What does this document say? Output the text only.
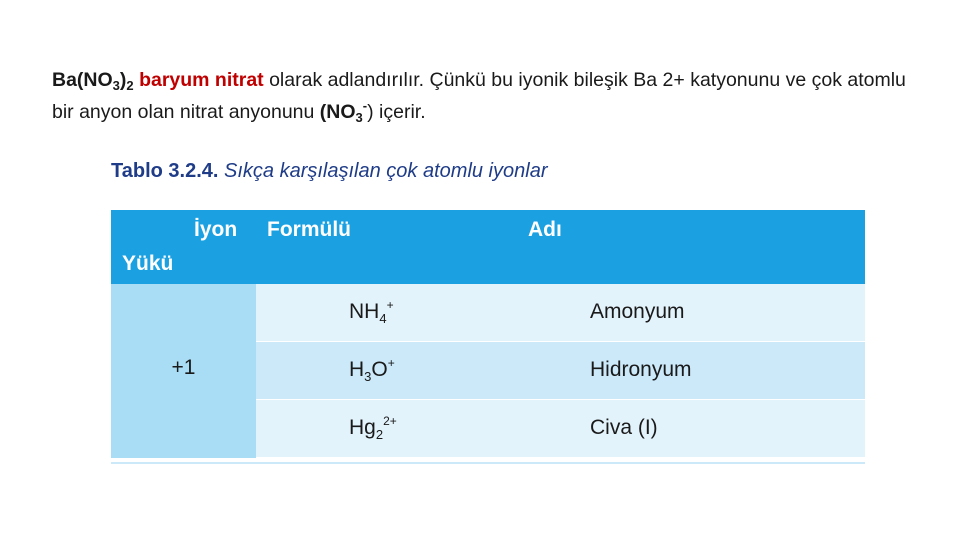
$Ba(NO_3)_2$ baryum nitrat olarak adlandırılır. Çünkü bu iyonik bileşik Ba 2+ katyonunu ve çok atomlu bir anyon olan nitrat anyonunu $(NO_3^-)$ içerir.
Tablo 3.2.4. Sıkça karşılaşılan çok atomlu iyonlar
İyon
Yükü
Formülü	Adı
+1
$NH_4^+$	Amonyum
$H_3O^+$	Hidronyum
$Hg_2^{2+}$	Civa (I)
